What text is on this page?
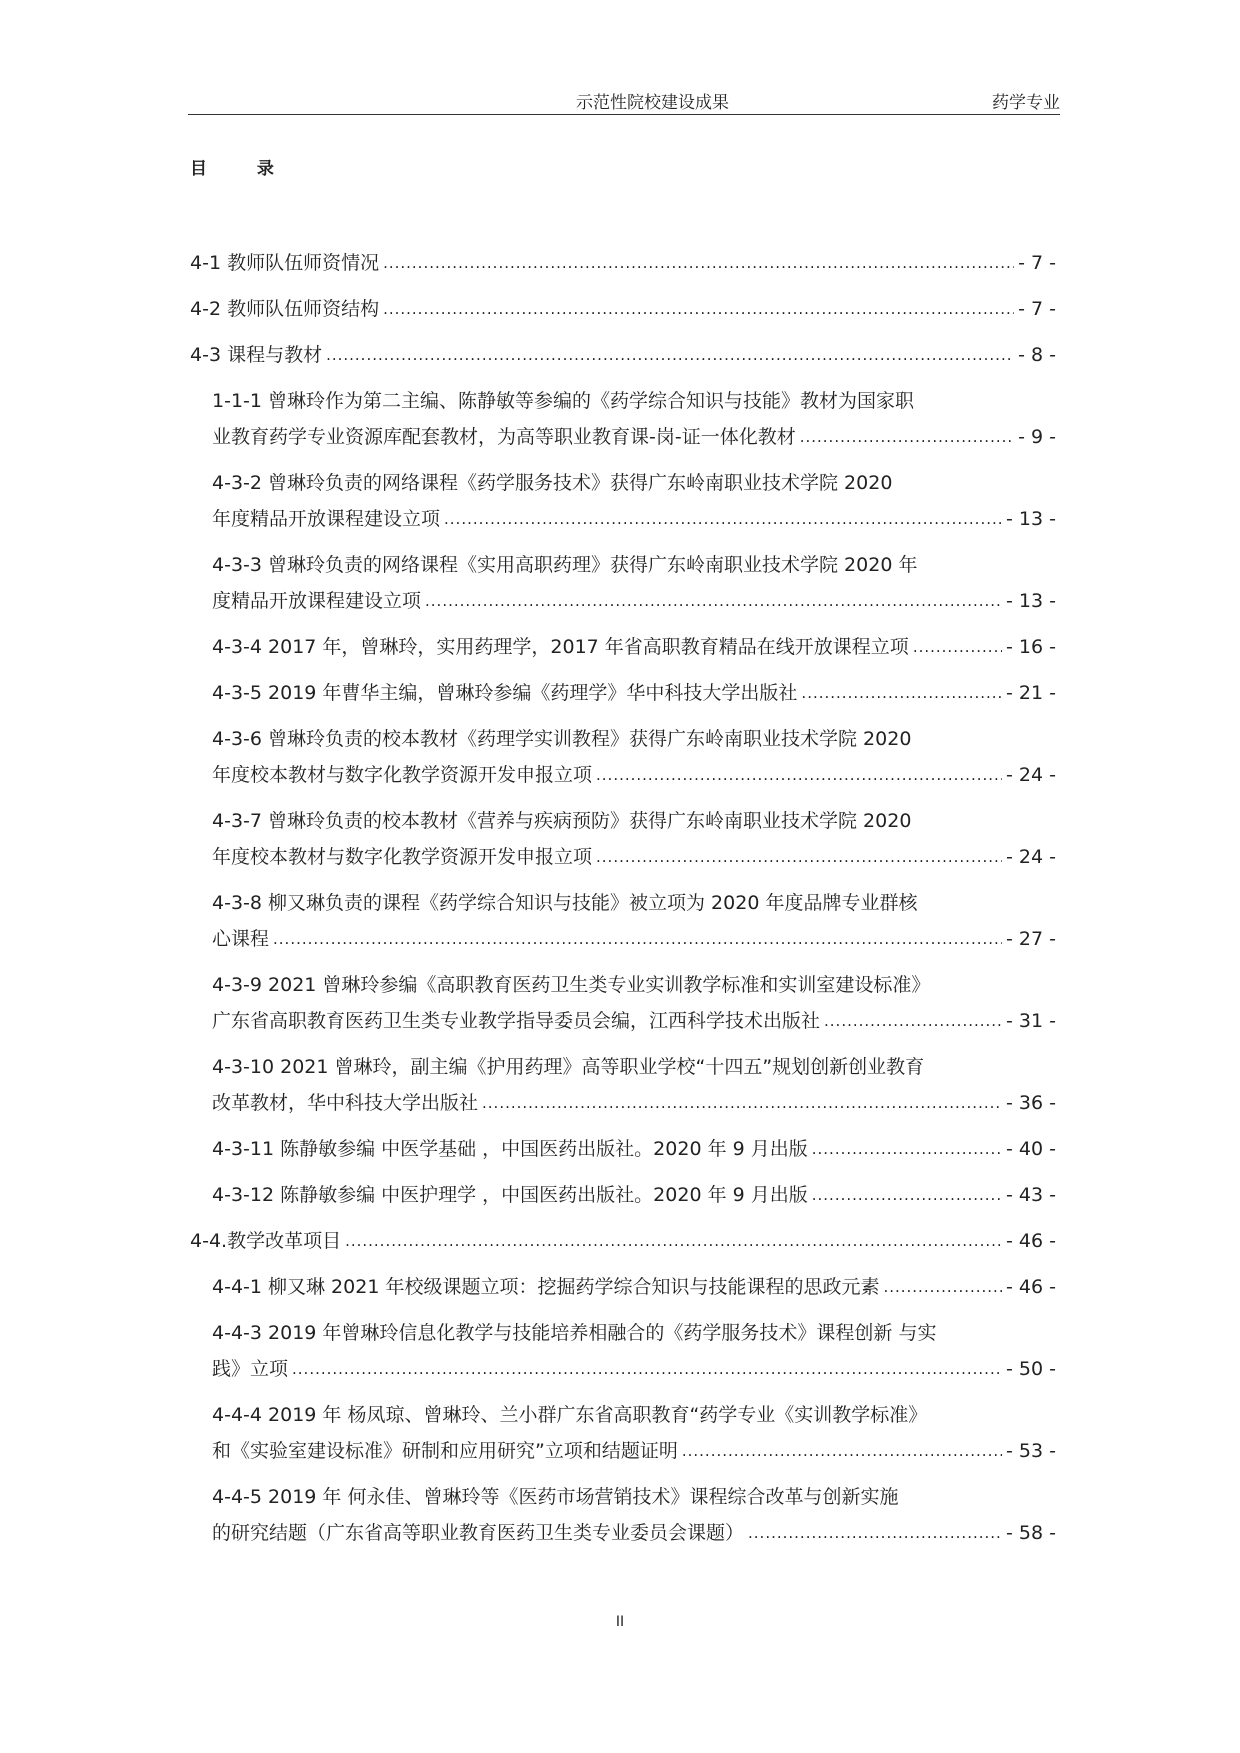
示范性院校建设成果	药学专业
目 录
4-1 教师队伍师资情况 .....	- 7 -
4-2 教师队伍师资结构 .....	- 7 -
4-3 课程与教材 .....	- 8 -
1-1-1 曾琳玲作为第二主编、陈静敏等参编的《药学综合知识与技能》教材为国家职
业教育药学专业资源库配套教材，为高等职业教育课-岗-证一体化教材 .....	- 9 -
4-3-2 曾琳玲负责的网络课程《药学服务技术》获得广东岭南职业技术学院 2020
年度精品开放课程建设立项 .....	- 13 -
4-3-3 曾琳玲负责的网络课程《实用高职药理》获得广东岭南职业技术学院 2020 年
度精品开放课程建设立项 .....	- 13 -
4-3-4 2017 年，曾琳玲，实用药理学，2017 年省高职教育精品在线开放课程立项 .....	- 16 -
4-3-5 2019 年曹华主编，曾琳玲参编《药理学》华中科技大学出版社 .....	- 21 -
4-3-6 曾琳玲负责的校本教材《药理学实训教程》获得广东岭南职业技术学院 2020
年度校本教材与数字化教学资源开发申报立项 .....	- 24 -
4-3-7 曾琳玲负责的校本教材《营养与疾病预防》获得广东岭南职业技术学院 2020
年度校本教材与数字化教学资源开发申报立项 .....	- 24 -
4-3-8 柳又琳负责的课程《药学综合知识与技能》被立项为 2020 年度品牌专业群核
心课程 .....	- 27 -
4-3-9 2021 曾琳玲参编《高职教育医药卫生类专业实训教学标准和实训室建设标准》
广东省高职教育医药卫生类专业教学指导委员会编，江西科学技术出版社 .....	- 31 -
4-3-10 2021 曾琳玲，副主编《护用药理》高等职业学校“十四五”规划创新创业教育
改革教材，华中科技大学出版社 .....	- 36 -
4-3-11 陈静敏参编 中医学基础 ，中国医药出版社。2020 年 9 月出版 .....	- 40 -
4-3-12 陈静敏参编 中医护理学 ，中国医药出版社。2020 年 9 月出版 .....	- 43 -
4-4.教学改革项目 .....	- 46 -
4-4-1 柳又琳 2021 年校级课题立项：挖掘药学综合知识与技能课程的思政元素 .....	- 46 -
4-4-3 2019 年曾琳玲信息化教学与技能培养相融合的《药学服务技术》课程创新 与实
践》立项 .....	- 50 -
4-4-4 2019 年 杨凤琼、曾琳玲、兰小群广东省高职教育“药学专业《实训教学标准》
和《实验室建设标准》研制和应用研究”立项和结题证明 .....	- 53 -
4-4-5 2019 年 何永佳、曾琳玲等《医药市场营销技术》课程综合改革与创新实施
的研究结题（广东省高等职业教育医药卫生类专业委员会课题） .....	- 58 -
II
